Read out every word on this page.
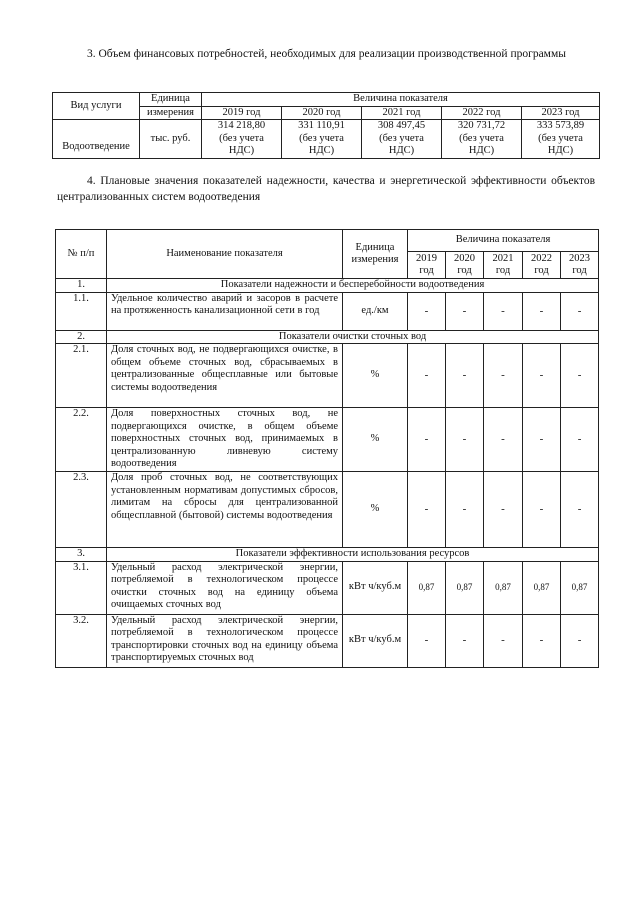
3. Объем финансовых потребностей, необходимых для реализации производственной программы

Вид услуги	Единица	Величина показателя				
	измерения	2019 год	2020 год	2021 год	2022 год	2023 год
Водоотведение	тыс. руб.	314 218,80
(без учета
НДС)	331 110,91
(без учета
НДС)	308 497,45
(без учета
НДС)	320 731,72
(без учета
НДС)	333 573,89
(без учета
НДС)

4. Плановые значения показателей надежности, качества и энергетической эффективности объектов централизованных систем водоотведения

№ п/п	Наименование показателя	Единица измерения	Величина показателя				
			2019
год	2020
год	2021
год	2022
год	2023
год
1.	Показатели надежности и бесперебойности водоотведения						
1.1.	Удельное количество аварий и засоров в расчете на протяженность канализационной сети в год	ед./км	-	-	-	-	-
2.	Показатели очистки сточных вод						
2.1.	Доля сточных вод, не подвергающихся очистке, в общем объеме сточных вод, сбрасываемых в централизованные общесплавные или бытовые системы водоотведения	%	-	-	-	-	-
2.2.	Доля поверхностных сточных вод, не подвергающихся очистке, в общем объеме поверхностных сточных вод, принимаемых в централизованную ливневую систему водоотведения	%	-	-	-	-	-
2.3.	Доля проб сточных вод, не соответствующих установленным нормативам допустимых сбросов, лимитам на сбросы для централизованной общесплавной (бытовой) системы водоотведения	%	-	-	-	-	-
3.	Показатели эффективности использования ресурсов						
3.1.	Удельный расход электрической энергии, потребляемой в технологическом процессе очистки сточных вод на единицу объема очищаемых сточных вод	кВт ч/куб.м	0,87	0,87	0,87	0,87	0,87
3.2.	Удельный расход электрической энергии, потребляемой в технологическом процессе транспортировки сточных вод на единицу объема транспортируемых сточных вод	кВт ч/куб.м	-	-	-	-	-
